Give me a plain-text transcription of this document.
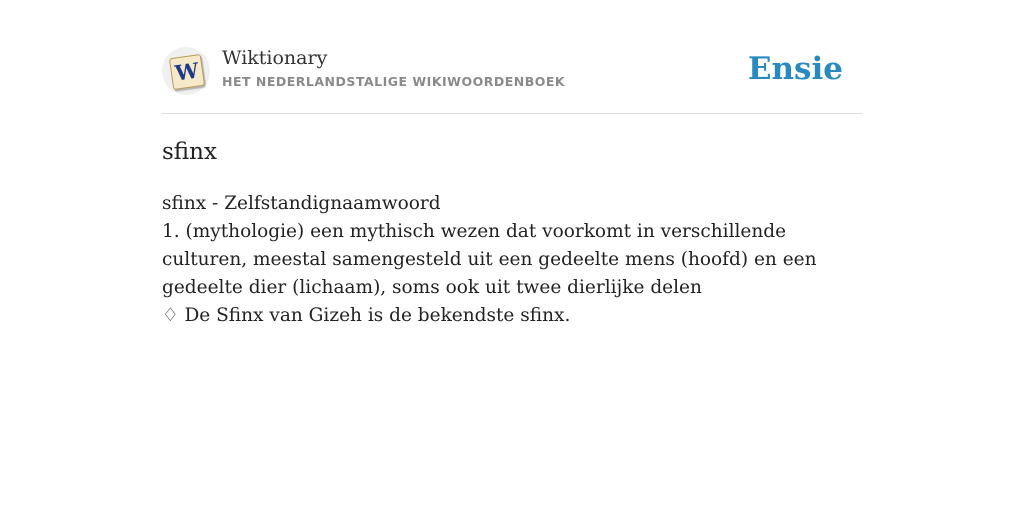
W Wiktionary
HET NEDERLANDSTALIGE WIKIWOORDENBOEK	Ensie
sfinx

sfinx - Zelfstandignaamwoord

1. (mythologie) een mythisch wezen dat voorkomt in verschillende culturen, meestal samengesteld uit een gedeelte mens (hoofd) en een gedeelte dier (lichaam), soms ook uit twee dierlijke delen

♢ De Sfinx van Gizeh is de bekendste sfinx.
